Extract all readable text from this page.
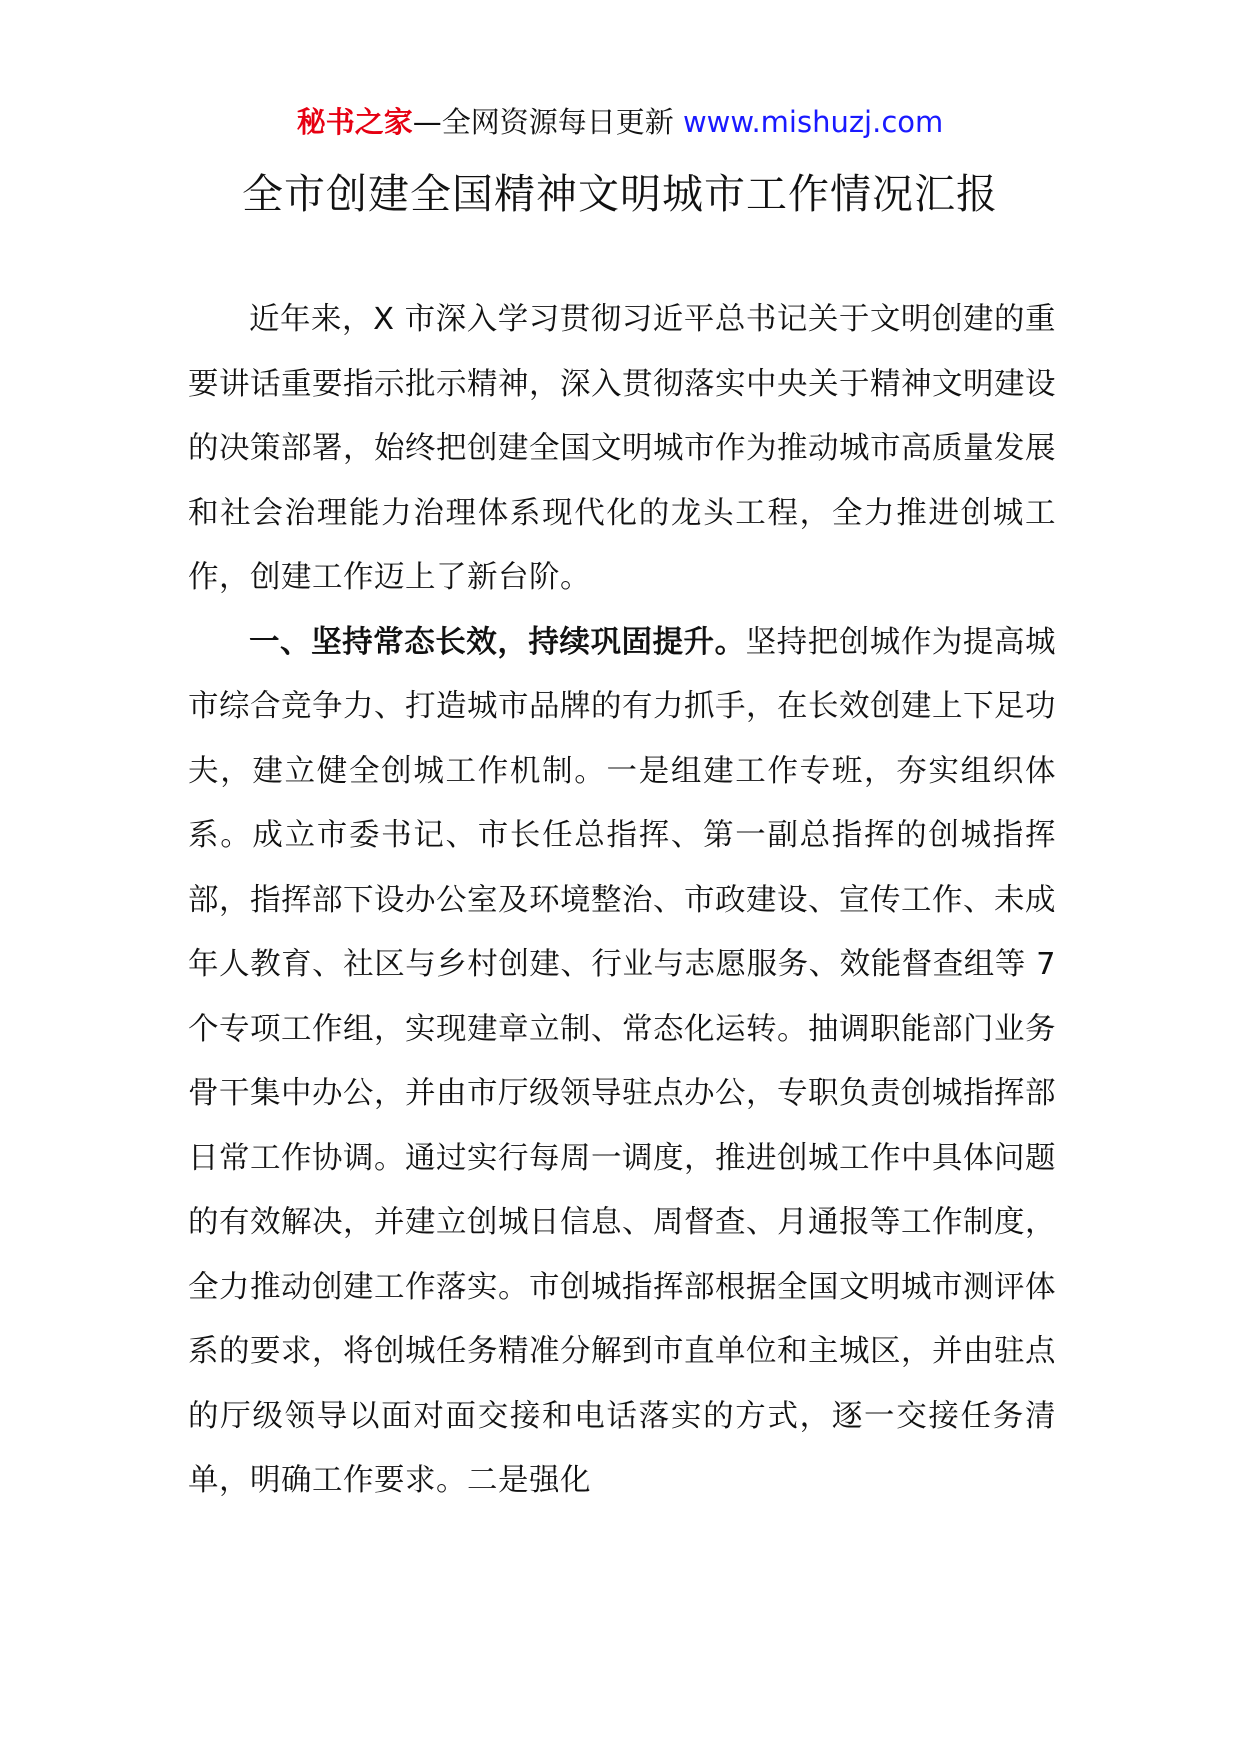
秘书之家—全网资源每日更新 www.mishuzj.com
全市创建全国精神文明城市工作情况汇报

近年来，X 市深入学习贯彻习近平总书记关于文明创建的重要讲话重要指示批示精神，深入贯彻落实中央关于精神文明建设的决策部署，始终把创建全国文明城市作为推动城市高质量发展和社会治理能力治理体系现代化的龙头工程，全力推进创城工作，创建工作迈上了新台阶。

一、坚持常态长效，持续巩固提升。坚持把创城作为提高城市综合竞争力、打造城市品牌的有力抓手，在长效创建上下足功夫，建立健全创城工作机制。一是组建工作专班，夯实组织体系。成立市委书记、市长任总指挥、第一副总指挥的创城指挥部，指挥部下设办公室及环境整治、市政建设、宣传工作、未成年人教育、社区与乡村创建、行业与志愿服务、效能督查组等 7 个专项工作组，实现建章立制、常态化运转。抽调职能部门业务骨干集中办公，并由市厅级领导驻点办公，专职负责创城指挥部日常工作协调。通过实行每周一调度，推进创城工作中具体问题的有效解决，并建立创城日信息、周督查、月通报等工作制度，全力推动创建工作落实。市创城指挥部根据全国文明城市测评体系的要求，将创城任务精准分解到市直单位和主城区，并由驻点的厅级领导以面对面交接和电话落实的方式，逐一交接任务清单，明确工作要求。二是强化
